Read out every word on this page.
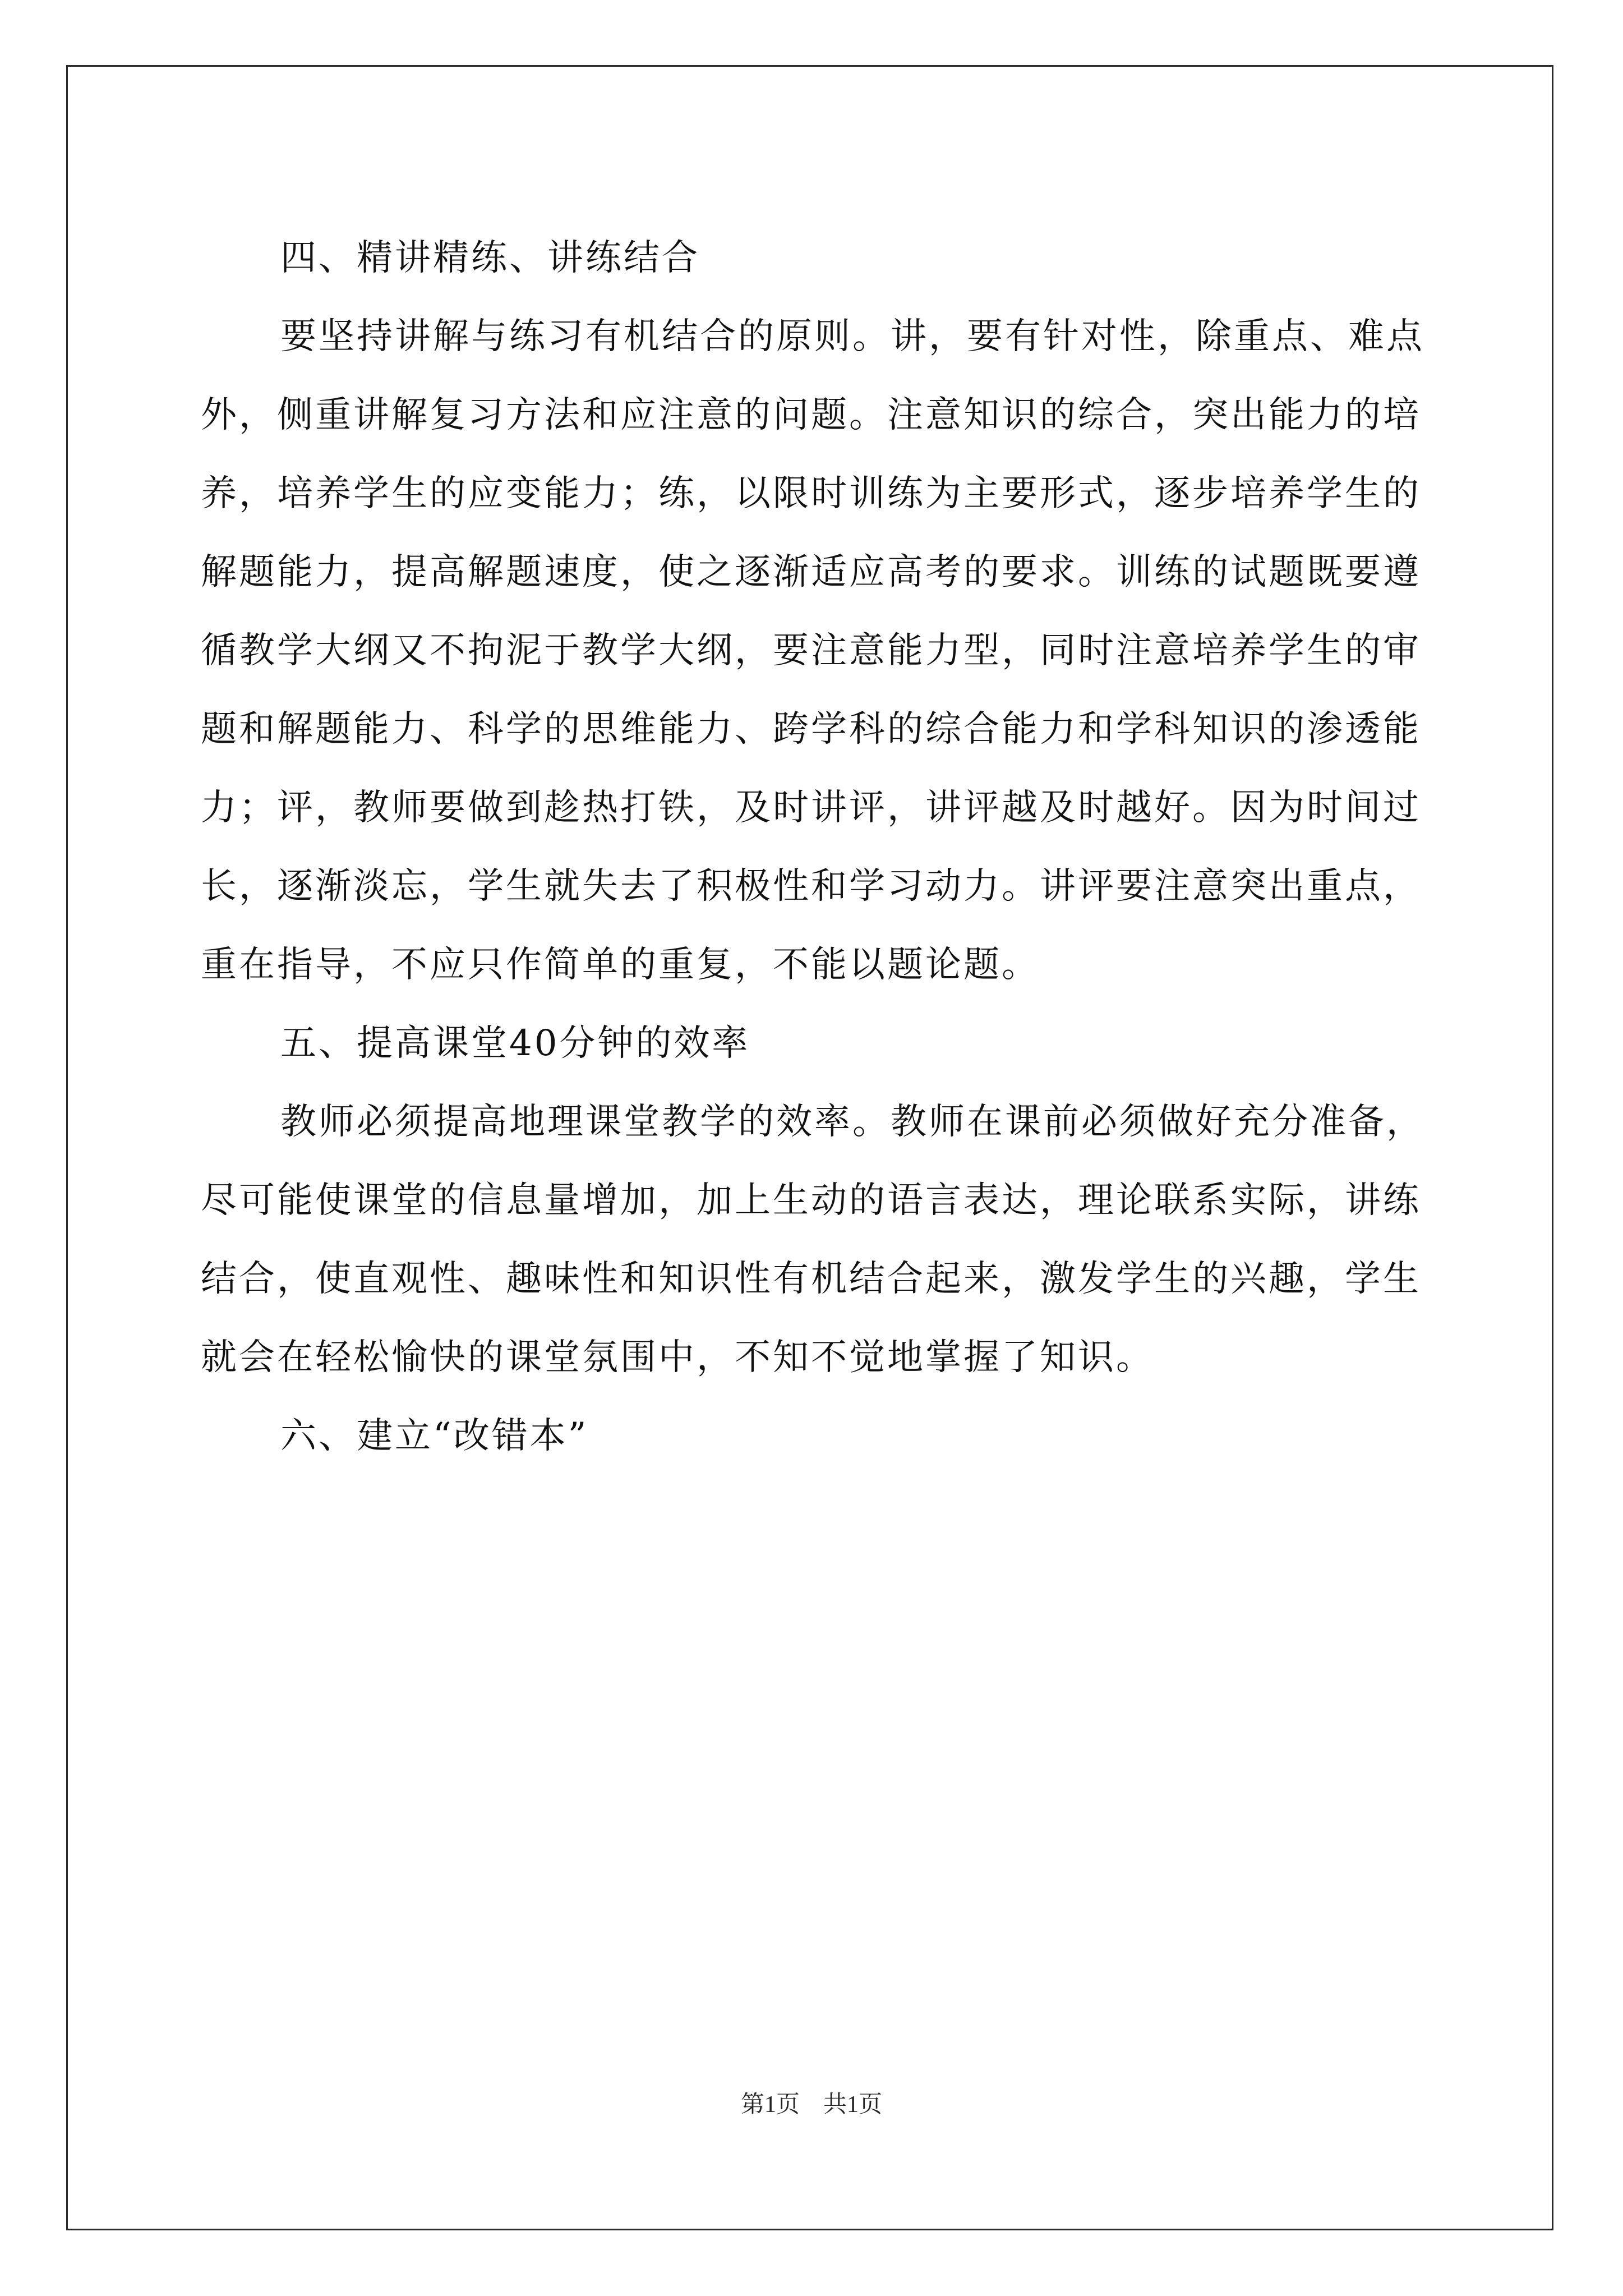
四、精讲精练、讲练结合

要坚持讲解与练习有机结合的原则。讲，要有针对性，除重点、难点外，侧重讲解复习方法和应注意的问题。注意知识的综合，突出能力的培养，培养学生的应变能力；练，以限时训练为主要形式，逐步培养学生的解题能力，提高解题速度，使之逐渐适应高考的要求。训练的试题既要遵循教学大纲又不拘泥于教学大纲，要注意能力型，同时注意培养学生的审题和解题能力、科学的思维能力、跨学科的综合能力和学科知识的渗透能力；评，教师要做到趁热打铁，及时讲评，讲评越及时越好。因为时间过长，逐渐淡忘，学生就失去了积极性和学习动力。讲评要注意突出重点，重在指导，不应只作简单的重复，不能以题论题。

五、提高课堂40分钟的效率

教师必须提高地理课堂教学的效率。教师在课前必须做好充分准备，尽可能使课堂的信息量增加，加上生动的语言表达，理论联系实际，讲练结合，使直观性、趣味性和知识性有机结合起来，激发学生的兴趣，学生就会在轻松愉快的课堂氛围中，不知不觉地掌握了知识。

六、建立“改错本”
第1页　共1页
